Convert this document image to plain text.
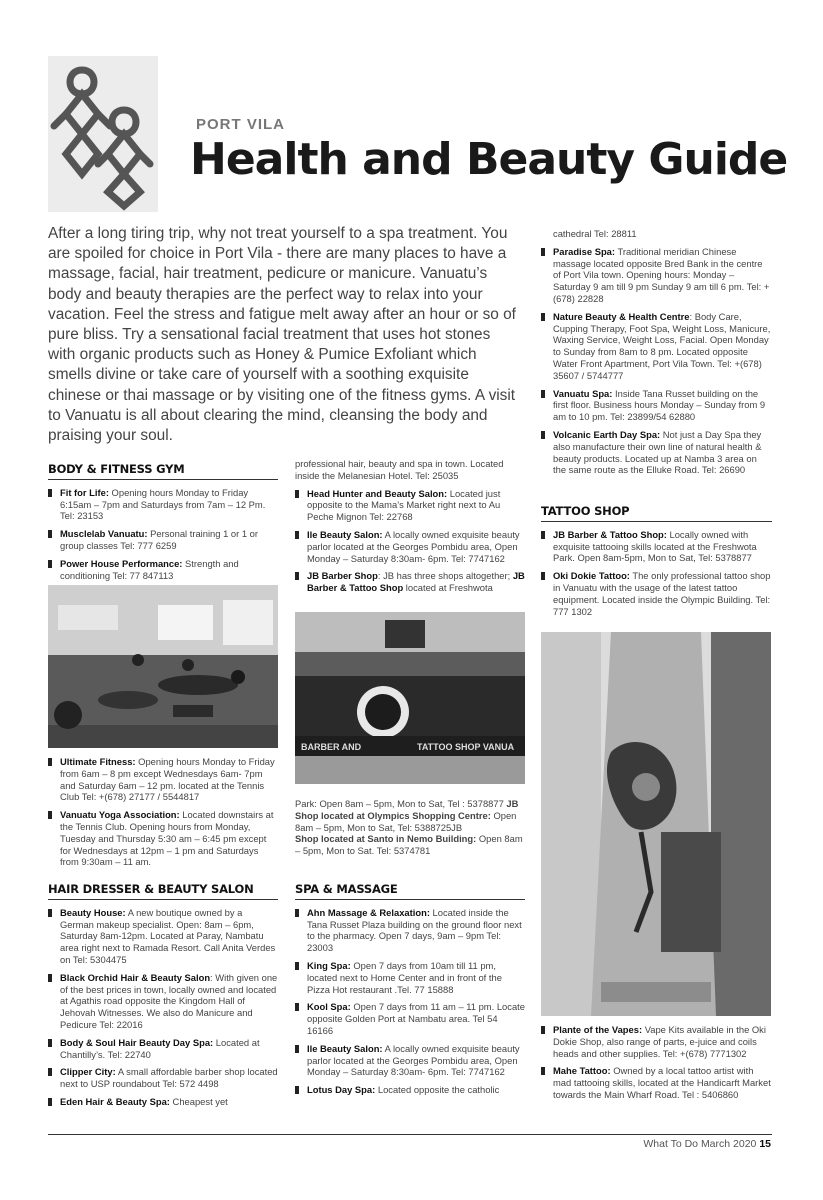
PORT VILA
Health and Beauty Guide
After a long tiring trip, why not treat yourself to a spa treatment. You are spoiled for choice in Port Vila - there are many places to have a massage, facial, hair treatment, pedicure or manicure. Vanuatu’s body and beauty therapies are the perfect way to relax into your vacation. Feel the stress and fatigue melt away after an hour or so of pure bliss. Try a sensational facial treatment that uses hot stones with organic products such as Honey & Pumice Exfoliant which smells divine or take care of yourself with a soothing exquisite chinese or thai massage or by visiting one of the fitness gyms. A visit to Vanuatu is all about clearing the mind, cleansing the body and praising your soul.
BODY & FITNESS GYM
Fit for Life: Opening hours Monday to Friday 6:15am – 7pm and Saturdays from 7am – 12 Pm. Tel: 23153
Musclelab Vanuatu: Personal training 1 or 1 or group classes Tel: 777 6259
Power House Performance: Strength and conditioning Tel: 77 847113
Ultimate Fitness: Opening hours Monday to Friday from 6am – 8 pm except Wednesdays 6am- 7pm and Saturday 6am – 12 pm. located at the Tennis Club Tel: +(678) 27177 / 5544817
Vanuatu Yoga Association: Located downstairs at the Tennis Club. Opening hours from Monday, Tuesday and Thursday 5:30 am – 6:45 pm except for Wednesdays at 12pm – 1 pm and Saturdays from 9:30am – 11 am.
HAIR DRESSER & BEAUTY SALON
Beauty House: A new boutique owned by a German makeup specialist. Open: 8am – 6pm, Saturday 8am-12pm. Located at Paray, Nambatu area right next to Ramada Resort. Call Anita Verdes on Tel: 5304475
Black Orchid Hair & Beauty Salon: With given one of the best prices in town, locally owned and located at Agathis road opposite the Kingdom Hall of Jehovah Witnesses. We also do Manicure and Pedicure Tel: 22016
Body & Soul Hair Beauty Day Spa: Located at Chantilly’s. Tel: 22740
Clipper City: A small affordable barber shop located next to USP roundabout Tel: 572 4498
Eden Hair & Beauty Spa: Cheapest yet
professional hair, beauty and spa in town. Located inside the Melanesian Hotel. Tel: 25035
Head Hunter and Beauty Salon: Located just opposite to the Mama’s Market right next to Au Peche Mignon Tel: 22768
Ile Beauty Salon: A locally owned exquisite beauty parlor located at the Georges Pombidu area, Open Monday – Saturday 8:30am- 6pm. Tel: 7747162
JB Barber Shop: JB has three shops altogether; JB Barber & Tattoo Shop located at Freshwota
BARBER AND	TATTOO SHOP VANUA
Park: Open 8am – 5pm, Mon to Sat, Tel : 5378877 JB Shop located at Olympics Shopping Centre: Open 8am – 5pm, Mon to Sat, Tel: 5388725JB
Shop located at Santo in Nemo Building: Open 8am – 5pm, Mon to Sat. Tel: 5374781
SPA & MASSAGE
Ahn Massage & Relaxation: Located inside the Tana Russet Plaza building on the ground floor next to the pharmacy. Open 7 days, 9am – 9pm Tel: 23003
King Spa: Open 7 days from 10am till 11 pm, located next to Home Center and in front of the Pizza Hot restaurant .Tel. 77 15888
Kool Spa: Open 7 days from 11 am – 11 pm. Locate opposite Golden Port at Nambatu area. Tel 54 16166
Ile Beauty Salon: A locally owned exquisite beauty parlor located at the Georges Pombidu area, Open Monday – Saturday 8:30am- 6pm. Tel: 7747162
Lotus Day Spa: Located opposite the catholic
cathedral Tel: 28811
Paradise Spa: Traditional meridian Chinese massage located opposite Bred Bank in the centre of Port Vila town. Opening hours: Monday – Saturday 9 am till 9 pm Sunday 9 am till 6 pm. Tel: +(678) 22828
Nature Beauty & Health Centre: Body Care, Cupping Therapy, Foot Spa, Weight Loss, Manicure, Waxing Service, Weight Loss, Facial. Open Monday to Sunday from 8am to 8 pm. Located opposite Water Front Apartment, Port Vila Town. Tel: +(678) 35607 / 5744777
Vanuatu Spa: Inside Tana Russet building on the first floor. Business hours Monday – Sunday from 9 am to 10 pm. Tel: 23899/54 62880
Volcanic Earth Day Spa: Not just a Day Spa they also manufacture their own line of natural health & beauty products. Located up at Namba 3 area on the same route as the Elluke Road. Tel: 26690
TATTOO SHOP
JB Barber & Tattoo Shop: Locally owned with exquisite tattooing skills located at the Freshwota Park. Open 8am-5pm, Mon to Sat, Tel: 5378877
Oki Dokie Tattoo: The only professional tattoo shop in Vanuatu with the usage of the latest tattoo equipment. Located inside the Olympic Building. Tel: 777 1302
Plante of the Vapes: Vape Kits available in the Oki Dokie Shop, also range of parts, e-juice and coils heads and other supplies. Tel: +(678) 7771302
Mahe Tattoo: Owned by a local tattoo artist with mad tattooing skills, located at the Handicarft Market towards the Main Wharf Road. Tel : 5406860
What To Do March 2020 15
